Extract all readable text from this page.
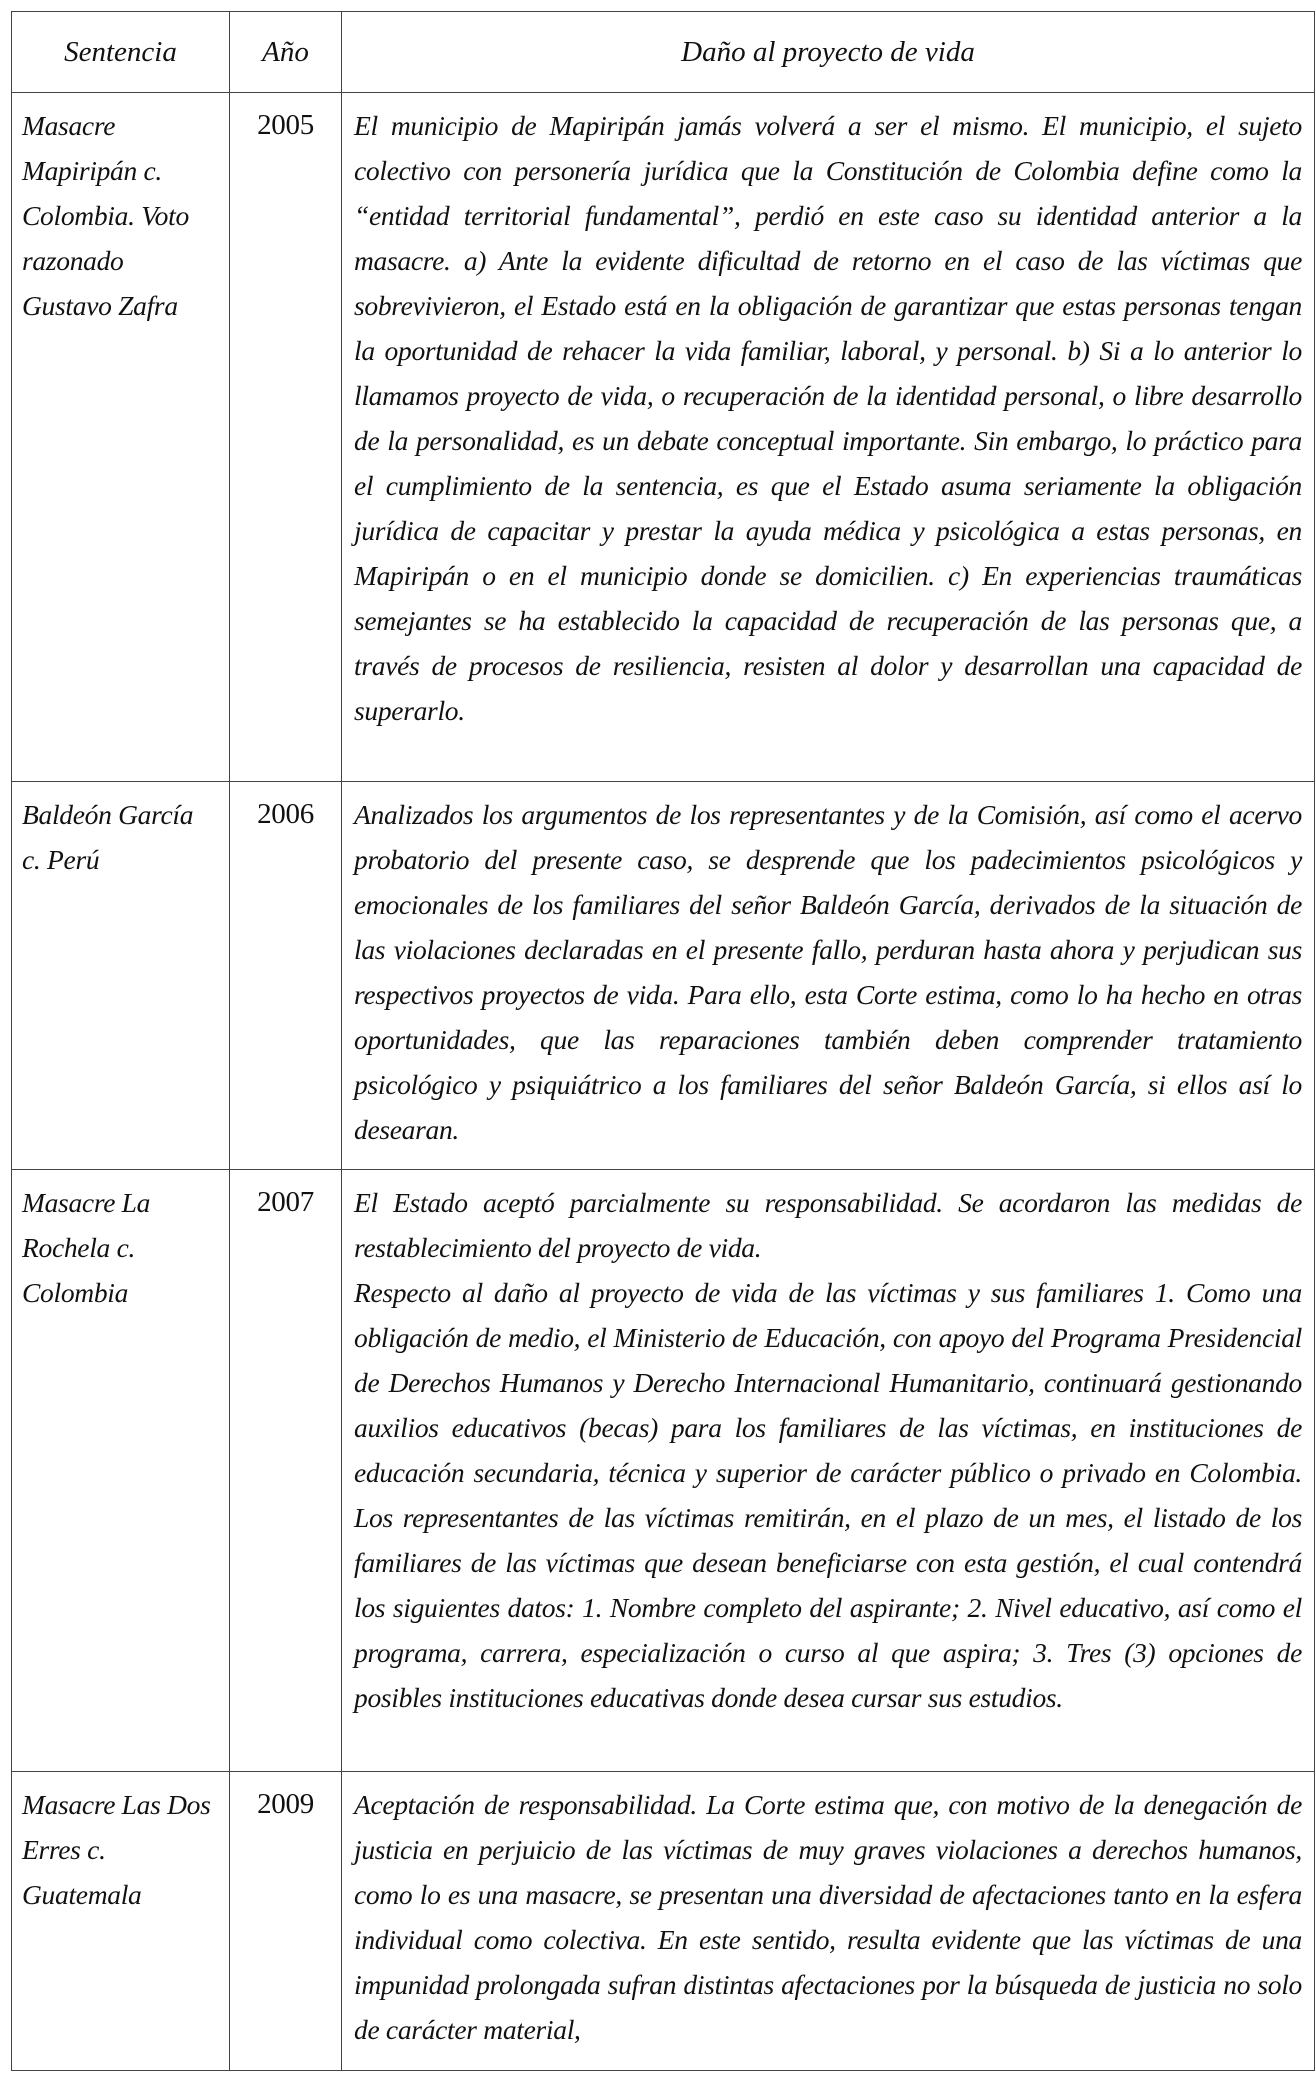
Sentencia	Año	Daño al proyecto de vida
Masacre Mapiripán c. Colombia. Voto razonado Gustavo Zafra	2005	El municipio de Mapiripán jamás volverá a ser el mismo. El municipio, el sujeto colectivo con personería jurídica que la Constitución de Colombia define como la “entidad territorial fundamental”, perdió en este caso su identidad anterior a la masacre. a) Ante la evidente dificultad de retorno en el caso de las víctimas que sobrevivieron, el Estado está en la obligación de garantizar que estas personas tengan la oportunidad de rehacer la vida familiar, laboral, y personal. b) Si a lo anterior lo llamamos proyecto de vida, o recuperación de la identidad personal, o libre desarrollo de la personalidad, es un debate conceptual importante. Sin embargo, lo práctico para el cumplimiento de la sentencia, es que el Estado asuma seriamente la obligación jurídica de capacitar y prestar la ayuda médica y psicológica a estas personas, en Mapiripán o en el municipio donde se domicilien. c) En experiencias traumáticas semejantes se ha establecido la capacidad de recuperación de las personas que, a través de procesos de resiliencia, resisten al dolor y desarrollan una capacidad de superarlo.

Baldeón García c. Perú	2006	Analizados los argumentos de los representantes y de la Comisión, así como el acervo probatorio del presente caso, se desprende que los padecimientos psicológicos y emocionales de los familiares del señor Baldeón García, derivados de la situación de las violaciones declaradas en el presente fallo, perduran hasta ahora y perjudican sus respectivos proyectos de vida. Para ello, esta Corte estima, como lo ha hecho en otras oportunidades, que las reparaciones también deben comprender tratamiento psicológico y psiquiátrico a los familiares del señor Baldeón García, si ellos así lo desearan.

Masacre La Rochela c. Colombia	2007	El Estado aceptó parcialmente su responsabilidad. Se acordaron las medidas de restablecimiento del proyecto de vida.

Respecto al daño al proyecto de vida de las víctimas y sus familiares 1. Como una obligación de medio, el Ministerio de Educación, con apoyo del Programa Presidencial de Derechos Humanos y Derecho Internacional Humanitario, continuará gestionando auxilios educativos (becas) para los familiares de las víctimas, en instituciones de educación secundaria, técnica y superior de carácter público o privado en Colombia. Los representantes de las víctimas remitirán, en el plazo de un mes, el listado de los familiares de las víctimas que desean beneficiarse con esta gestión, el cual contendrá los siguientes datos: 1. Nombre completo del aspirante; 2. Nivel educativo, así como el programa, carrera, especialización o curso al que aspira; 3. Tres (3) opciones de posibles instituciones educativas donde desea cursar sus estudios.

Masacre Las Dos Erres c. Guatemala	2009	Aceptación de responsabilidad. La Corte estima que, con motivo de la denegación de justicia en perjuicio de las víctimas de muy graves violaciones a derechos humanos, como lo es una masacre, se presentan una diversidad de afectaciones tanto en la esfera individual como colectiva. En este sentido, resulta evidente que las víctimas de una impunidad prolongada sufran distintas afectaciones por la búsqueda de justicia no solo de carácter material,
